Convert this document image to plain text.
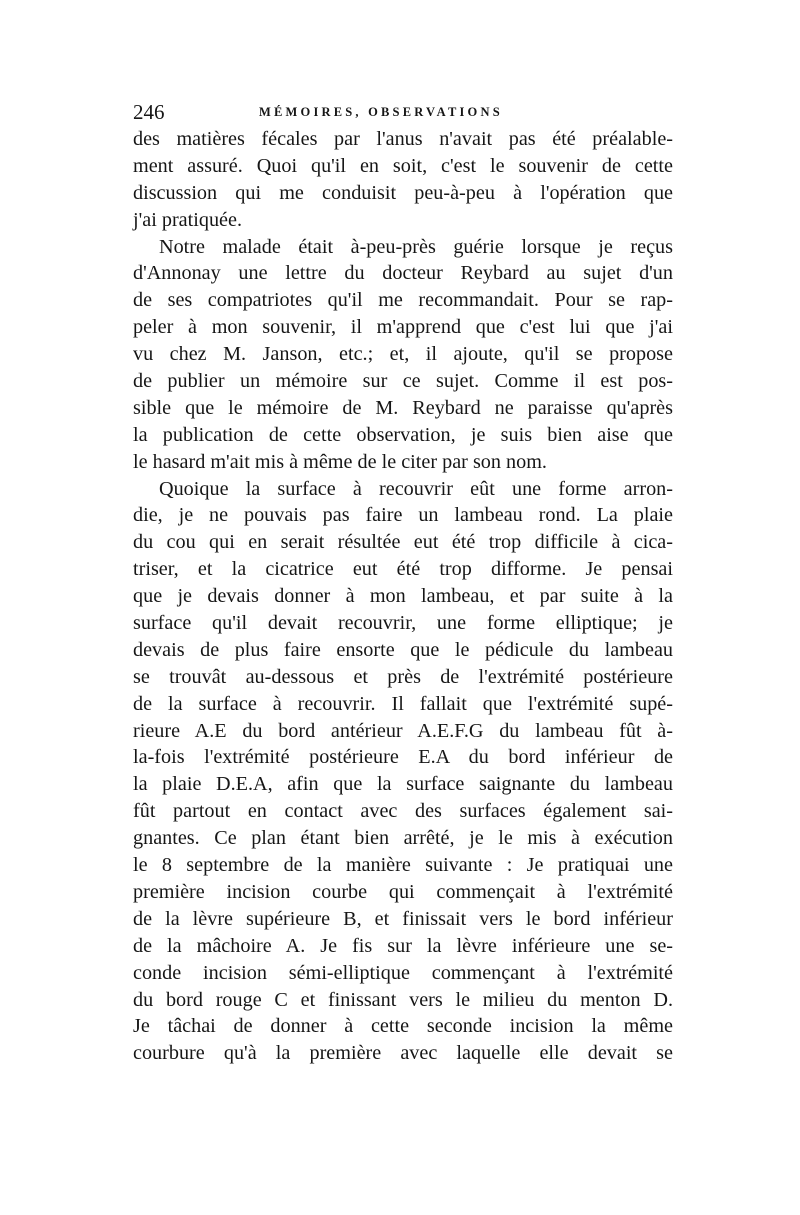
246	MÉMOIRES, OBSERVATIONS
des matières fécales par l'anus n'avait pas été préalable-
ment assuré. Quoi qu'il en soit, c'est le souvenir de cette
discussion qui me conduisit peu-à-peu à l'opération que
j'ai pratiquée.
Notre malade était à-peu-près guérie lorsque je reçus
d'Annonay une lettre du docteur Reybard au sujet d'un
de ses compatriotes qu'il me recommandait. Pour se rap-
peler à mon souvenir, il m'apprend que c'est lui que j'ai
vu chez M. Janson, etc.; et, il ajoute, qu'il se propose
de publier un mémoire sur ce sujet. Comme il est pos-
sible que le mémoire de M. Reybard ne paraisse qu'après
la publication de cette observation, je suis bien aise que
le hasard m'ait mis à même de le citer par son nom.
Quoique la surface à recouvrir eût une forme arron-
die, je ne pouvais pas faire un lambeau rond. La plaie
du cou qui en serait résultée eut été trop difficile à cica-
triser, et la cicatrice eut été trop difforme. Je pensai
que je devais donner à mon lambeau, et par suite à la
surface qu'il devait recouvrir, une forme elliptique; je
devais de plus faire ensorte que le pédicule du lambeau
se trouvât au-dessous et près de l'extrémité postérieure
de la surface à recouvrir. Il fallait que l'extrémité supé-
rieure A.E du bord antérieur A.E.F.G du lambeau fût à-
la-fois l'extrémité postérieure E.A du bord inférieur de
la plaie D.E.A, afin que la surface saignante du lambeau
fût partout en contact avec des surfaces également sai-
gnantes. Ce plan étant bien arrêté, je le mis à exécution
le 8 septembre de la manière suivante : Je pratiquai une
première incision courbe qui commençait à l'extrémité
de la lèvre supérieure B, et finissait vers le bord inférieur
de la mâchoire A. Je fis sur la lèvre inférieure une se-
conde incision sémi-elliptique commençant à l'extrémité
du bord rouge C et finissant vers le milieu du menton D.
Je tâchai de donner à cette seconde incision la même
courbure qu'à la première avec laquelle elle devait se
